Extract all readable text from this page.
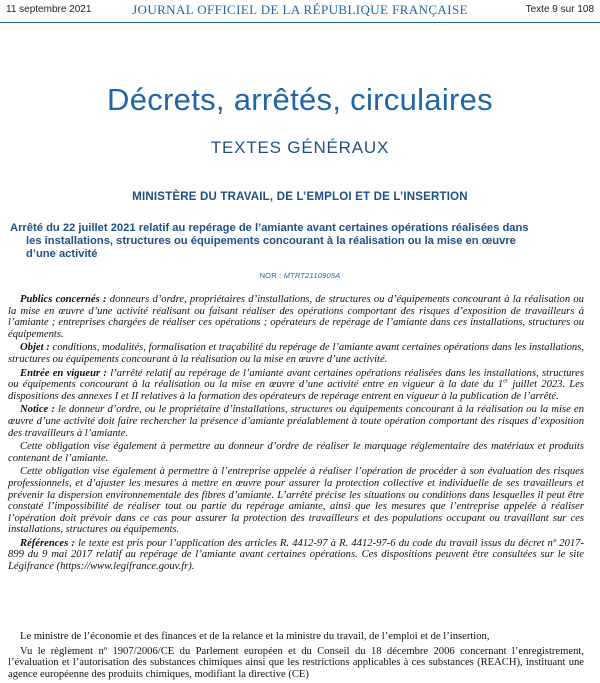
11 septembre 2021	JOURNAL OFFICIEL DE LA RÉPUBLIQUE FRANÇAISE	Texte 9 sur 108
Décrets, arrêtés, circulaires
TEXTES GÉNÉRAUX
MINISTÈRE DU TRAVAIL, DE L’EMPLOI ET DE L’INSERTION
Arrêté du 22 juillet 2021 relatif au repérage de l’amiante avant certaines opérations réalisées dans
les installations, structures ou équipements concourant à la réalisation ou la mise en œuvre
d’une activité
NOR : MTRT2110905A

Publics concernés : donneurs d’ordre, propriétaires d’installations, de structures ou d’équipements concourant à la réalisation ou la mise en œuvre d’une activité réalisant ou faisant réaliser des opérations comportant des risques d’exposition de travailleurs à l’amiante ; entreprises chargées de réaliser ces opérations ; opérateurs de repérage de l’amiante dans ces installations, structures ou équipements.

Objet : conditions, modalités, formalisation et traçabilité du repérage de l’amiante avant certaines opérations dans les installations, structures ou équipements concourant à la réalisation ou la mise en œuvre d’une activité.

Entrée en vigueur : l’arrêté relatif au repérage de l’amiante avant certaines opérations réalisées dans les installations, structures ou équipements concourant à la réalisation ou la mise en œuvre d’une activité entre en vigueur à la date du 1er juillet 2023. Les dispositions des annexes I et II relatives à la formation des opérateurs de repérage entrent en vigueur à la publication de l’arrêté.

Notice : le donneur d’ordre, ou le propriétaire d’installations, structures ou équipements concourant à la réalisation ou la mise en œuvre d’une activité doit faire rechercher la présence d’amiante préalablement à toute opération comportant des risques d’exposition des travailleurs à l’amiante.

Cette obligation vise également à permettre au donneur d’ordre de réaliser le marquage réglementaire des matériaux et produits contenant de l’amiante.

Cette obligation vise également à permettre à l’entreprise appelée à réaliser l’opération de procéder à son évaluation des risques professionnels, et d’ajuster les mesures à mettre en œuvre pour assurer la protection collective et individuelle de ses travailleurs et prévenir la dispersion environnementale des fibres d’amiante. L’arrêté précise les situations ou conditions dans lesquelles il peut être constaté l’impossibilité de réaliser tout ou partie du repérage amiante, ainsi que les mesures que l’entreprise appelée à réaliser l’opération doit prévoir dans ce cas pour assurer la protection des travailleurs et des populations occupant ou travaillant sur ces installations, structures ou équipements.

Références : le texte est pris pour l’application des articles R. 4412-97 à R. 4412-97-6 du code du travail issus du décret nº 2017-899 du 9 mai 2017 relatif au repérage de l’amiante avant certaines opérations. Ces dispositions peuvent être consultées sur le site Légifrance (https://www.legifrance.gouv.fr).

Le ministre de l’économie et des finances et de la relance et la ministre du travail, de l’emploi et de l’insertion,

Vu le règlement nº 1907/2006/CE du Parlement européen et du Conseil du 18 décembre 2006 concernant l’enregistrement, l’évaluation et l’autorisation des substances chimiques ainsi que les restrictions applicables à ces substances (REACH), instituant une agence européenne des produits chimiques, modifiant la directive (CE)
